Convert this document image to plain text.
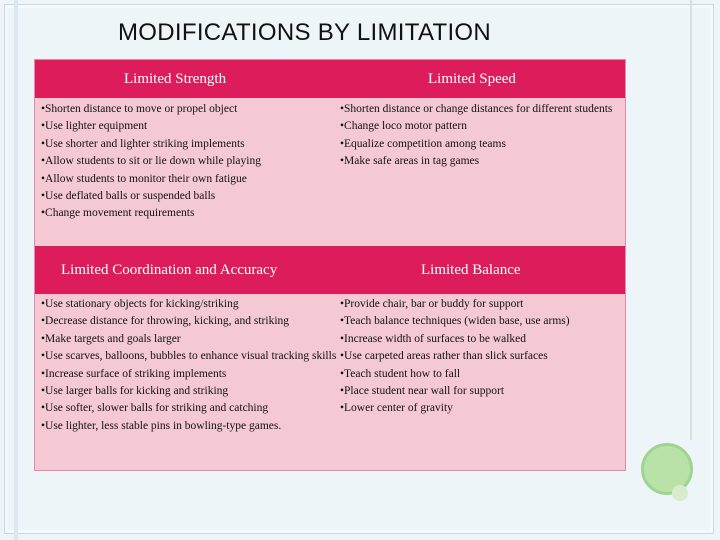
MODIFICATIONS BY LIMITATION
Limited Strength	Limited Speed
•Shorten distance to move or propel object
•Use lighter equipment
•Use shorter and lighter striking implements
•Allow students to sit or lie down while playing
•Allow students to monitor their own fatigue
•Use deflated balls or suspended balls
•Change movement requirements
•Shorten distance or change distances for different students
•Change loco motor pattern
•Equalize competition among teams
•Make safe areas in tag games
Limited Coordination and Accuracy	Limited Balance
•Use stationary objects for kicking/striking
•Decrease distance for throwing, kicking, and striking
•Make targets and goals larger
•Use scarves, balloons, bubbles to enhance visual tracking skills
•Increase surface of striking implements
•Use larger balls for kicking and striking
•Use softer, slower balls for striking and catching
•Use lighter, less stable pins in bowling-type games.
•Provide chair, bar or buddy for support
•Teach balance techniques (widen base, use arms)
•Increase width of surfaces to be walked
•Use carpeted areas rather than slick surfaces
•Teach student how to fall
•Place student near wall for support
•Lower center of gravity
